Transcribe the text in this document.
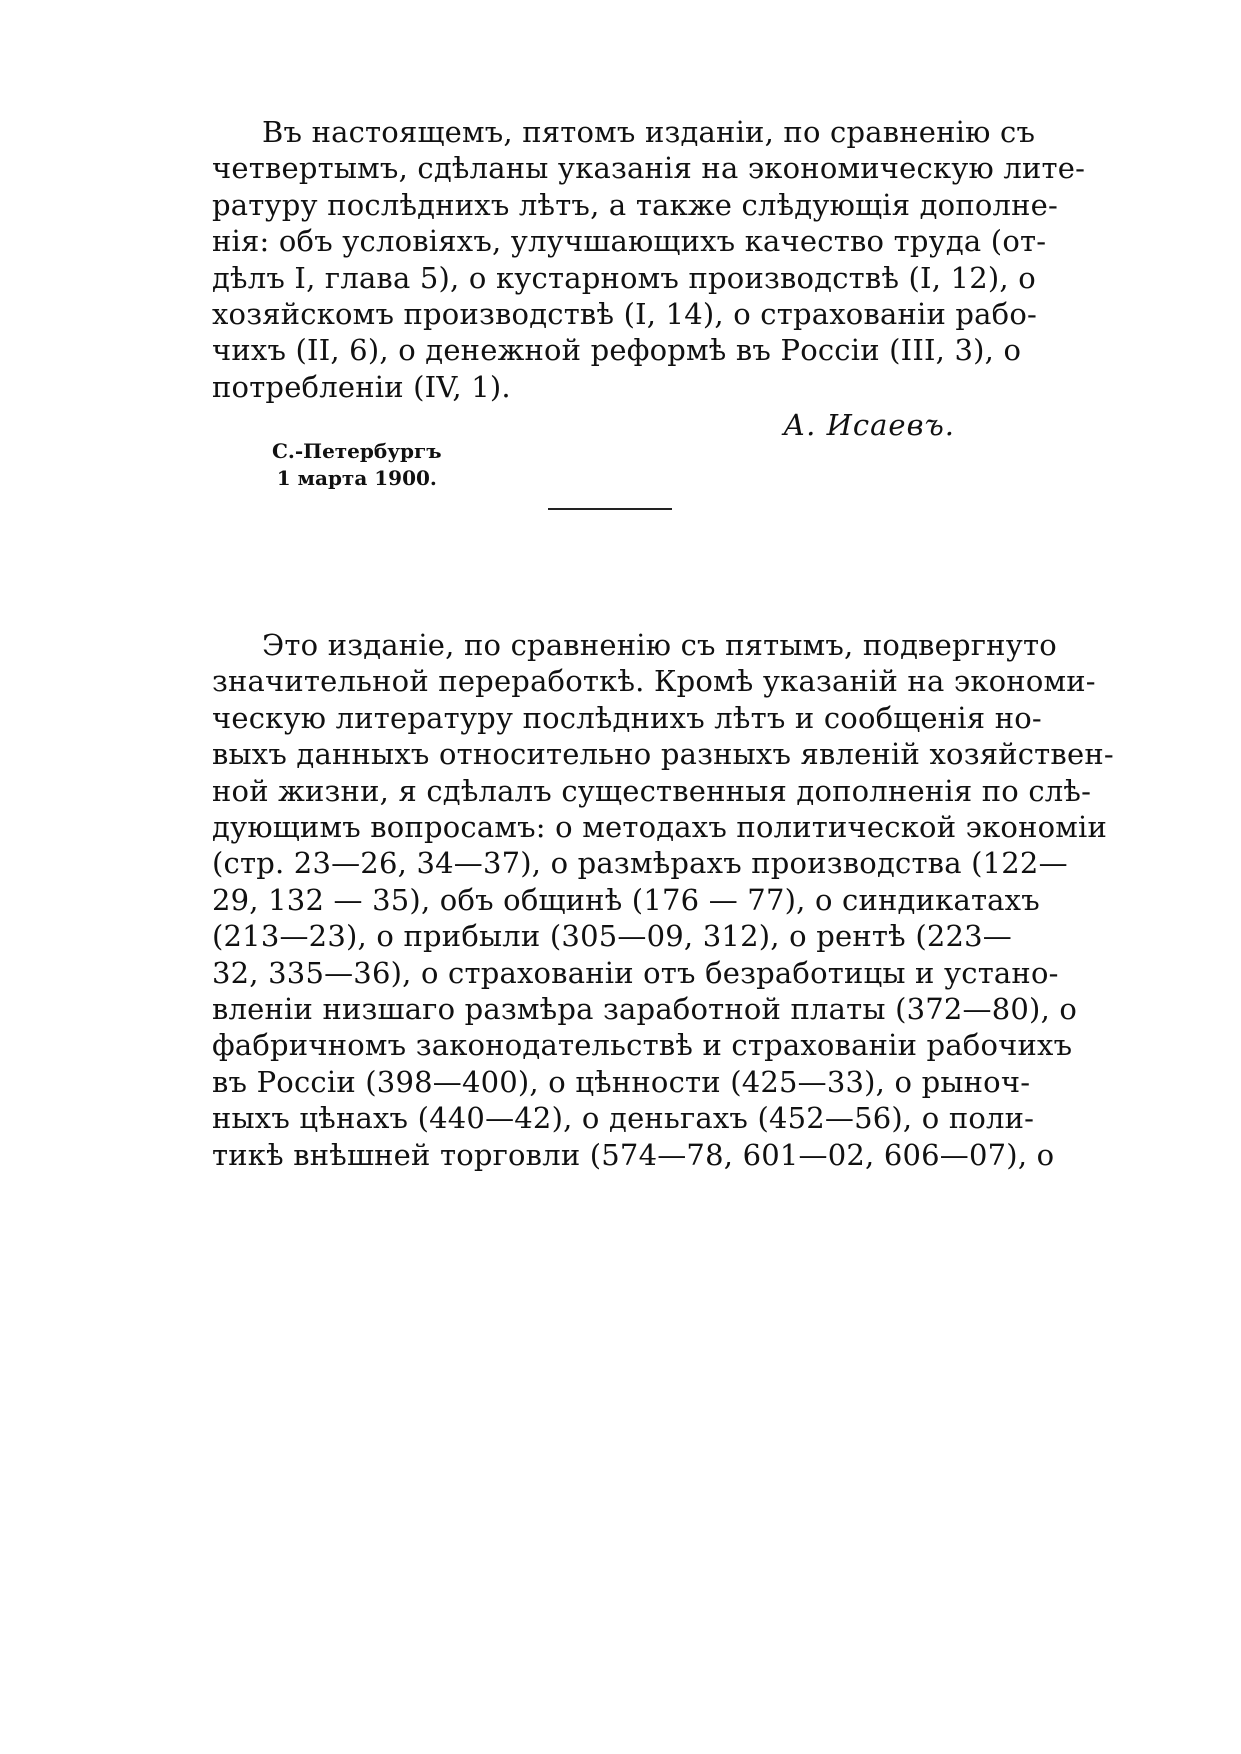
Въ настоящемъ, пятомъ изданіи, по сравненію съ
четвертымъ, сдѣланы указанія на экономическую лите-
ратуру послѣднихъ лѣтъ, а также слѣдующія дополне-
нія: объ условіяхъ, улучшающихъ качество труда (от-
дѣлъ I, глава 5), о кустарномъ производствѣ (I, 12), о
хозяйскомъ производствѣ (I, 14), о страхованіи рабо-
чихъ (II, 6), о денежной реформѣ въ Россіи (III, 3), о
потребленіи (IV, 1).
А. Исаевъ.
С.-Петербургъ
1 марта 1900.
Это изданіе, по сравненію съ пятымъ, подвергнуто
значительной переработкѣ. Кромѣ указаній на экономи-
ческую литературу послѣднихъ лѣтъ и сообщенія но-
выхъ данныхъ относительно разныхъ явленій хозяйствен-
ной жизни, я сдѣлалъ существенныя дополненія по слѣ-
дующимъ вопросамъ: о методахъ политической экономіи
(стр. 23—26, 34—37), о размѣрахъ производства (122—
29, 132 — 35), объ общинѣ (176 — 77), о синдикатахъ
(213—23), о прибыли (305—09, 312), о рентѣ (223—
32, 335—36), о страхованіи отъ безработицы и устано-
вленіи низшаго размѣра заработной платы (372—80), о
фабричномъ законодательствѣ и страхованіи рабочихъ
въ Россіи (398—400), о цѣнности (425—33), о рыноч-
ныхъ цѣнахъ (440—42), о деньгахъ (452—56), о поли-
тикѣ внѣшней торговли (574—78, 601—02, 606—07), о
